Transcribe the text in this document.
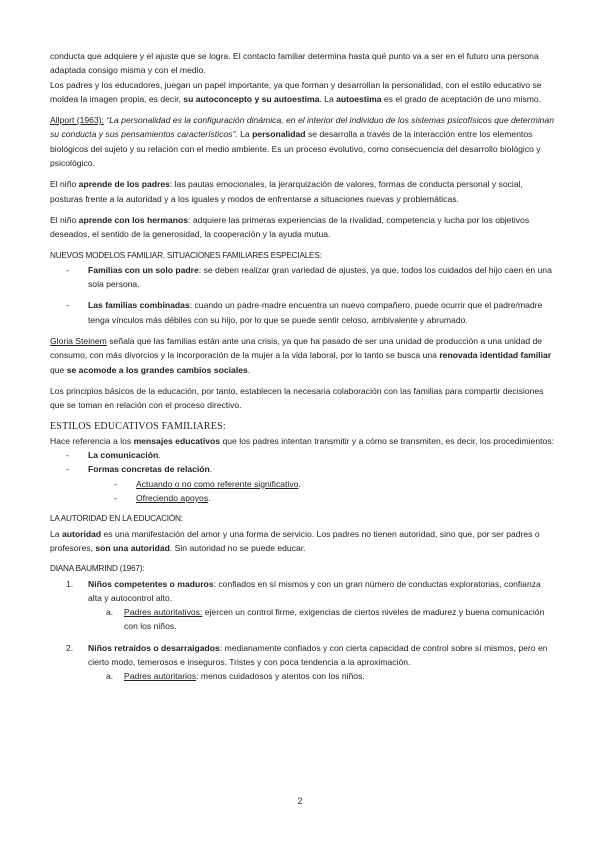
conducta que adquiere y el ajuste que se logra. El contacto familiar determina hasta qué punto va a ser en el futuro una persona adaptada consigo misma y con el medio.

Los padres y los educadores, juegan un papel importante, ya que forman y desarrollan la personalidad, con el estilo educativo se moldea la imagen propia, es decir, su autoconcepto y su autoestima. La autoestima es el grado de aceptación de uno mismo.

Allport (1963): “La personalidad es la configuración dinámica, en el interior del individuo de los sistemas psicofísicos que determinan su conducta y sus pensamientos característicos”. La personalidad se desarrolla a través de la interacción entre los elementos biológicos del sujeto y su relación con el medio ambiente. Es un proceso evolutivo, como consecuencia del desarrollo biológico y psicológico.

El niño aprende de los padres: las pautas emocionales, la jerarquización de valores, formas de conducta personal y social, posturas frente a la autoridad y a los iguales y modos de enfrentarse a situaciones nuevas y problemáticas.

El niño aprende con los hermanos: adquiere las primeras experiencias de la rivalidad, competencia y lucha por los objetivos deseados, el sentido de la generosidad, la cooperación y la ayuda mutua.

NUEVOS MODELOS FAMILIAR. SITUACIONES FAMILIARES ESPECIALES:

- Familias con un solo padre: se deben realizar gran variedad de ajustes, ya que, todos los cuidados del hijo caen en una sola persona.
- Las familias combinadas: cuando un padre-madre encuentra un nuevo compañero, puede ocurrir que el padre/madre tenga vínculos más débiles con su hijo, por lo que se puede sentir celoso, ambivalente y abrumado.

Gloria Steinem señala que las familias están ante una crisis, ya que ha pasado de ser una unidad de producción a una unidad de consumo, con más divorcios y la incorporación de la mujer a la vida laboral, por lo tanto se busca una renovada identidad familiar que se acomode a los grandes cambios sociales.

Los principios básicos de la educación, por tanto, establecen la necesaria colaboración con las familias para compartir decisiones que se toman en relación con el proceso directivo.

ESTILOS EDUCATIVOS FAMILIARES:

Hace referencia a los mensajes educativos que los padres intentan transmitir y a cómo se transmiten, es decir, los procedimientos:

- La comunicación.
- Formas concretas de relación.
- Actuando o no como referente significativo.
- Ofreciendo apoyos.

LA AUTORIDAD EN LA EDUCACIÓN:

La autoridad es una manifestación del amor y una forma de servicio. Los padres no tienen autoridad, sino que, por ser padres o profesores, son una autoridad. Sin autoridad no se puede educar.

DIANA BAUMRIND (1967):

1. Niños competentes o maduros: confiados en sí mismos y con un gran número de conductas exploratorias, confianza alta y autocontrol alto.
a. Padres autoritativos: ejercen un control firme, exigencias de ciertos niveles de madurez y buena comunicación con los niños.
2. Niños retraídos o desarraigados: medianamente confiados y con cierta capacidad de control sobre sí mismos, pero en cierto modo, temerosos e inseguros. Tristes y con poca tendencia a la aproximación.
a. Padres autoritarios: menos cuidadosos y atentos con los niños.
2
